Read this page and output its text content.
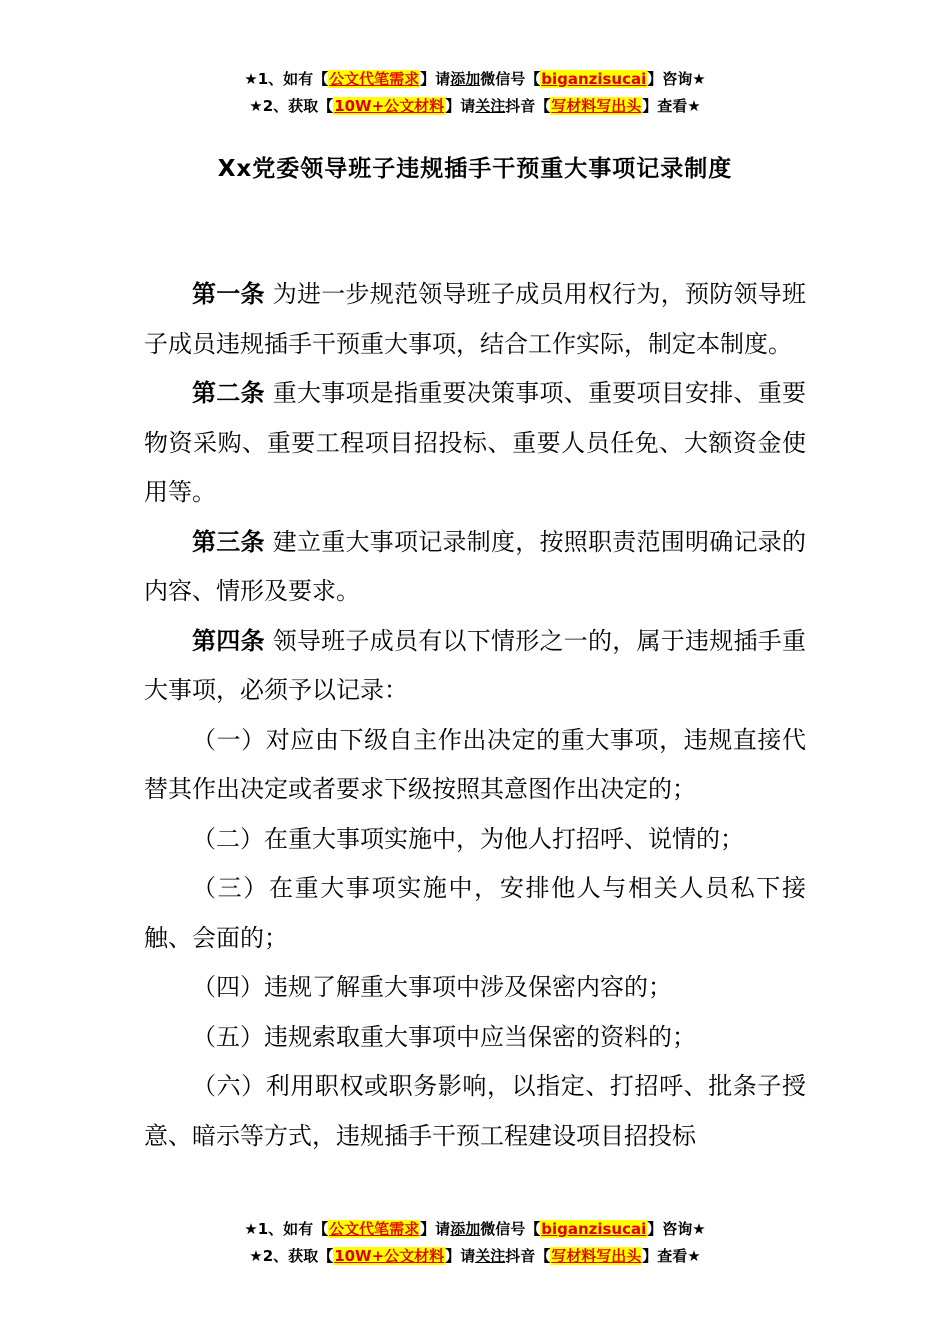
★1、如有【公文代笔需求】请添加微信号【biganzisucai】咨询★
★2、获取【10W+公文材料】请关注抖音【写材料写出头】查看★
Xx党委领导班子违规插手干预重大事项记录制度

第一条 为进一步规范领导班子成员用权行为，预防领导班子成员违规插手干预重大事项，结合工作实际，制定本制度。

第二条 重大事项是指重要决策事项、重要项目安排、重要物资采购、重要工程项目招投标、重要人员任免、大额资金使用等。

第三条 建立重大事项记录制度，按照职责范围明确记录的内容、情形及要求。

第四条 领导班子成员有以下情形之一的，属于违规插手重大事项，必须予以记录：

（一）对应由下级自主作出决定的重大事项，违规直接代替其作出决定或者要求下级按照其意图作出决定的；

（二）在重大事项实施中，为他人打招呼、说情的；

（三）在重大事项实施中，安排他人与相关人员私下接触、会面的；

（四）违规了解重大事项中涉及保密内容的；

（五）违规索取重大事项中应当保密的资料的；

（六）利用职权或职务影响，以指定、打招呼、批条子授意、暗示等方式，违规插手干预工程建设项目招投标

★1、如有【公文代笔需求】请添加微信号【biganzisucai】咨询★
★2、获取【10W+公文材料】请关注抖音【写材料写出头】查看★
